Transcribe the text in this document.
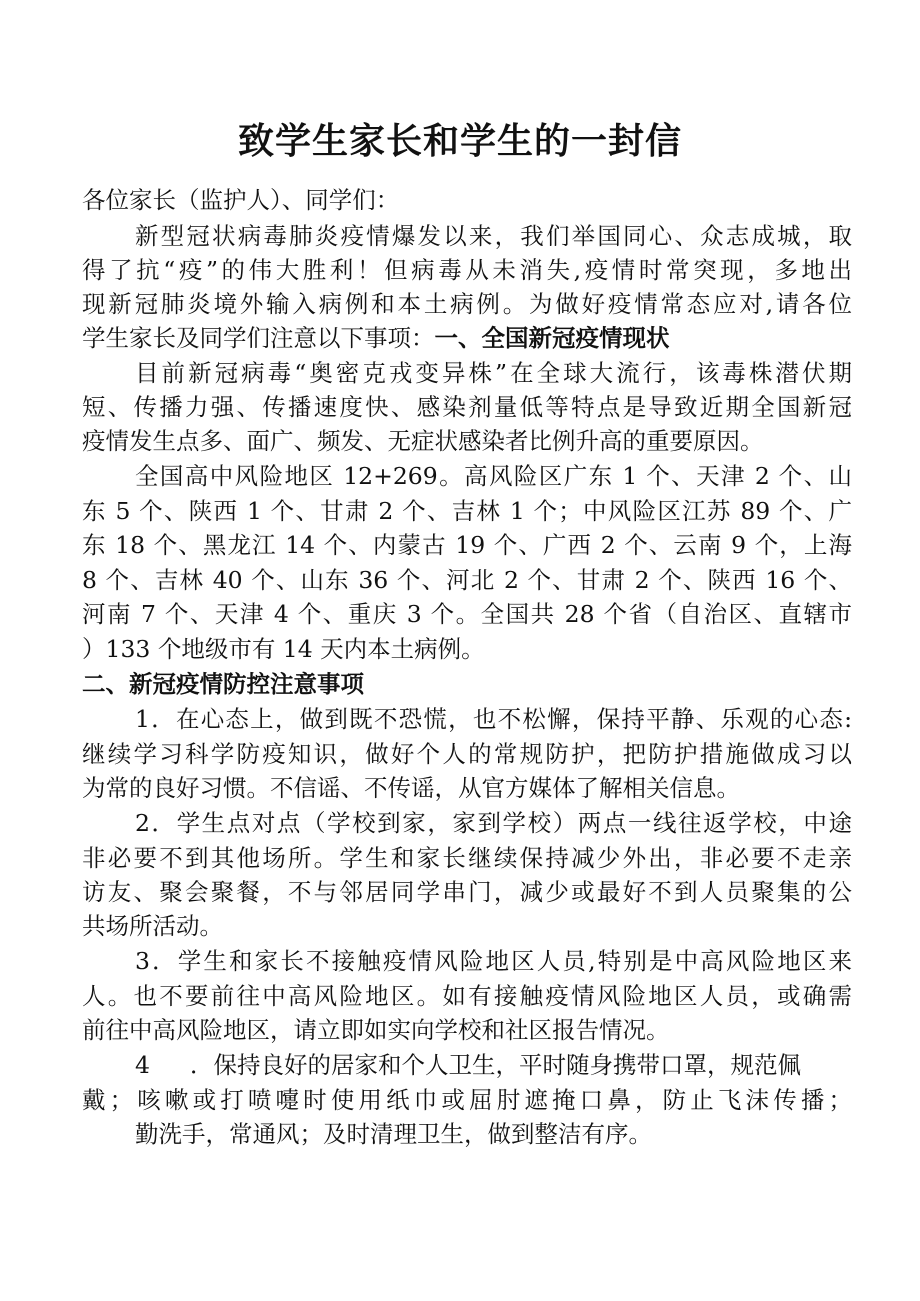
致学生家长和学生的一封信

各位家长（监护人）、同学们：

新型冠状病毒肺炎疫情爆发以来，我们举国同心、众志成城，取

得了抗“疫”的伟大胜利！但病毒从未消失,疫情时常突现，多地出

现新冠肺炎境外输入病例和本土病例。为做好疫情常态应对,请各位

学生家长及同学们注意以下事项：一、全国新冠疫情现状

目前新冠病毒“奥密克戎变异株”在全球大流行，该毒株潜伏期

短、传播力强、传播速度快、感染剂量低等特点是导致近期全国新冠

疫情发生点多、面广、频发、无症状感染者比例升高的重要原因。

全国高中风险地区 12+269。高风险区广东 1 个、天津 2 个、山

东 5 个、陕西 1 个、甘肃 2 个、吉林 1 个；中风险区江苏 89 个、广

东 18 个、黑龙江 14 个、内蒙古 19 个、广西 2 个、云南 9 个，上海

8 个、吉林 40 个、山东 36 个、河北 2 个、甘肃 2 个、陕西 16 个、

河南 7 个、天津 4 个、重庆 3 个。全国共 28 个省（自治区、直辖市

）133 个地级市有 14 天内本土病例。

二、新冠疫情防控注意事项

1．在心态上，做到既不恐慌，也不松懈，保持平静、乐观的心态:

继续学习科学防疫知识，做好个人的常规防护，把防护措施做成习以

为常的良好习惯。不信谣、不传谣，从官方媒体了解相关信息。

2．学生点对点（学校到家，家到学校）两点一线往返学校，中途

非必要不到其他场所。学生和家长继续保持减少外出，非必要不走亲

访友、聚会聚餐，不与邻居同学串门，减少或最好不到人员聚集的公

共场所活动。

3．学生和家长不接触疫情风险地区人员,特别是中高风险地区来

人。也不要前往中高风险地区。如有接触疫情风险地区人员，或确需

前往中高风险地区，请立即如实向学校和社区报告情况。

4 ．保持良好的居家和个人卫生，平时随身携带口罩，规范佩

戴；咳嗽或打喷嚏时使用纸巾或屈肘遮掩口鼻，防止飞沫传播；

勤洗手，常通风；及时清理卫生，做到整洁有序。
